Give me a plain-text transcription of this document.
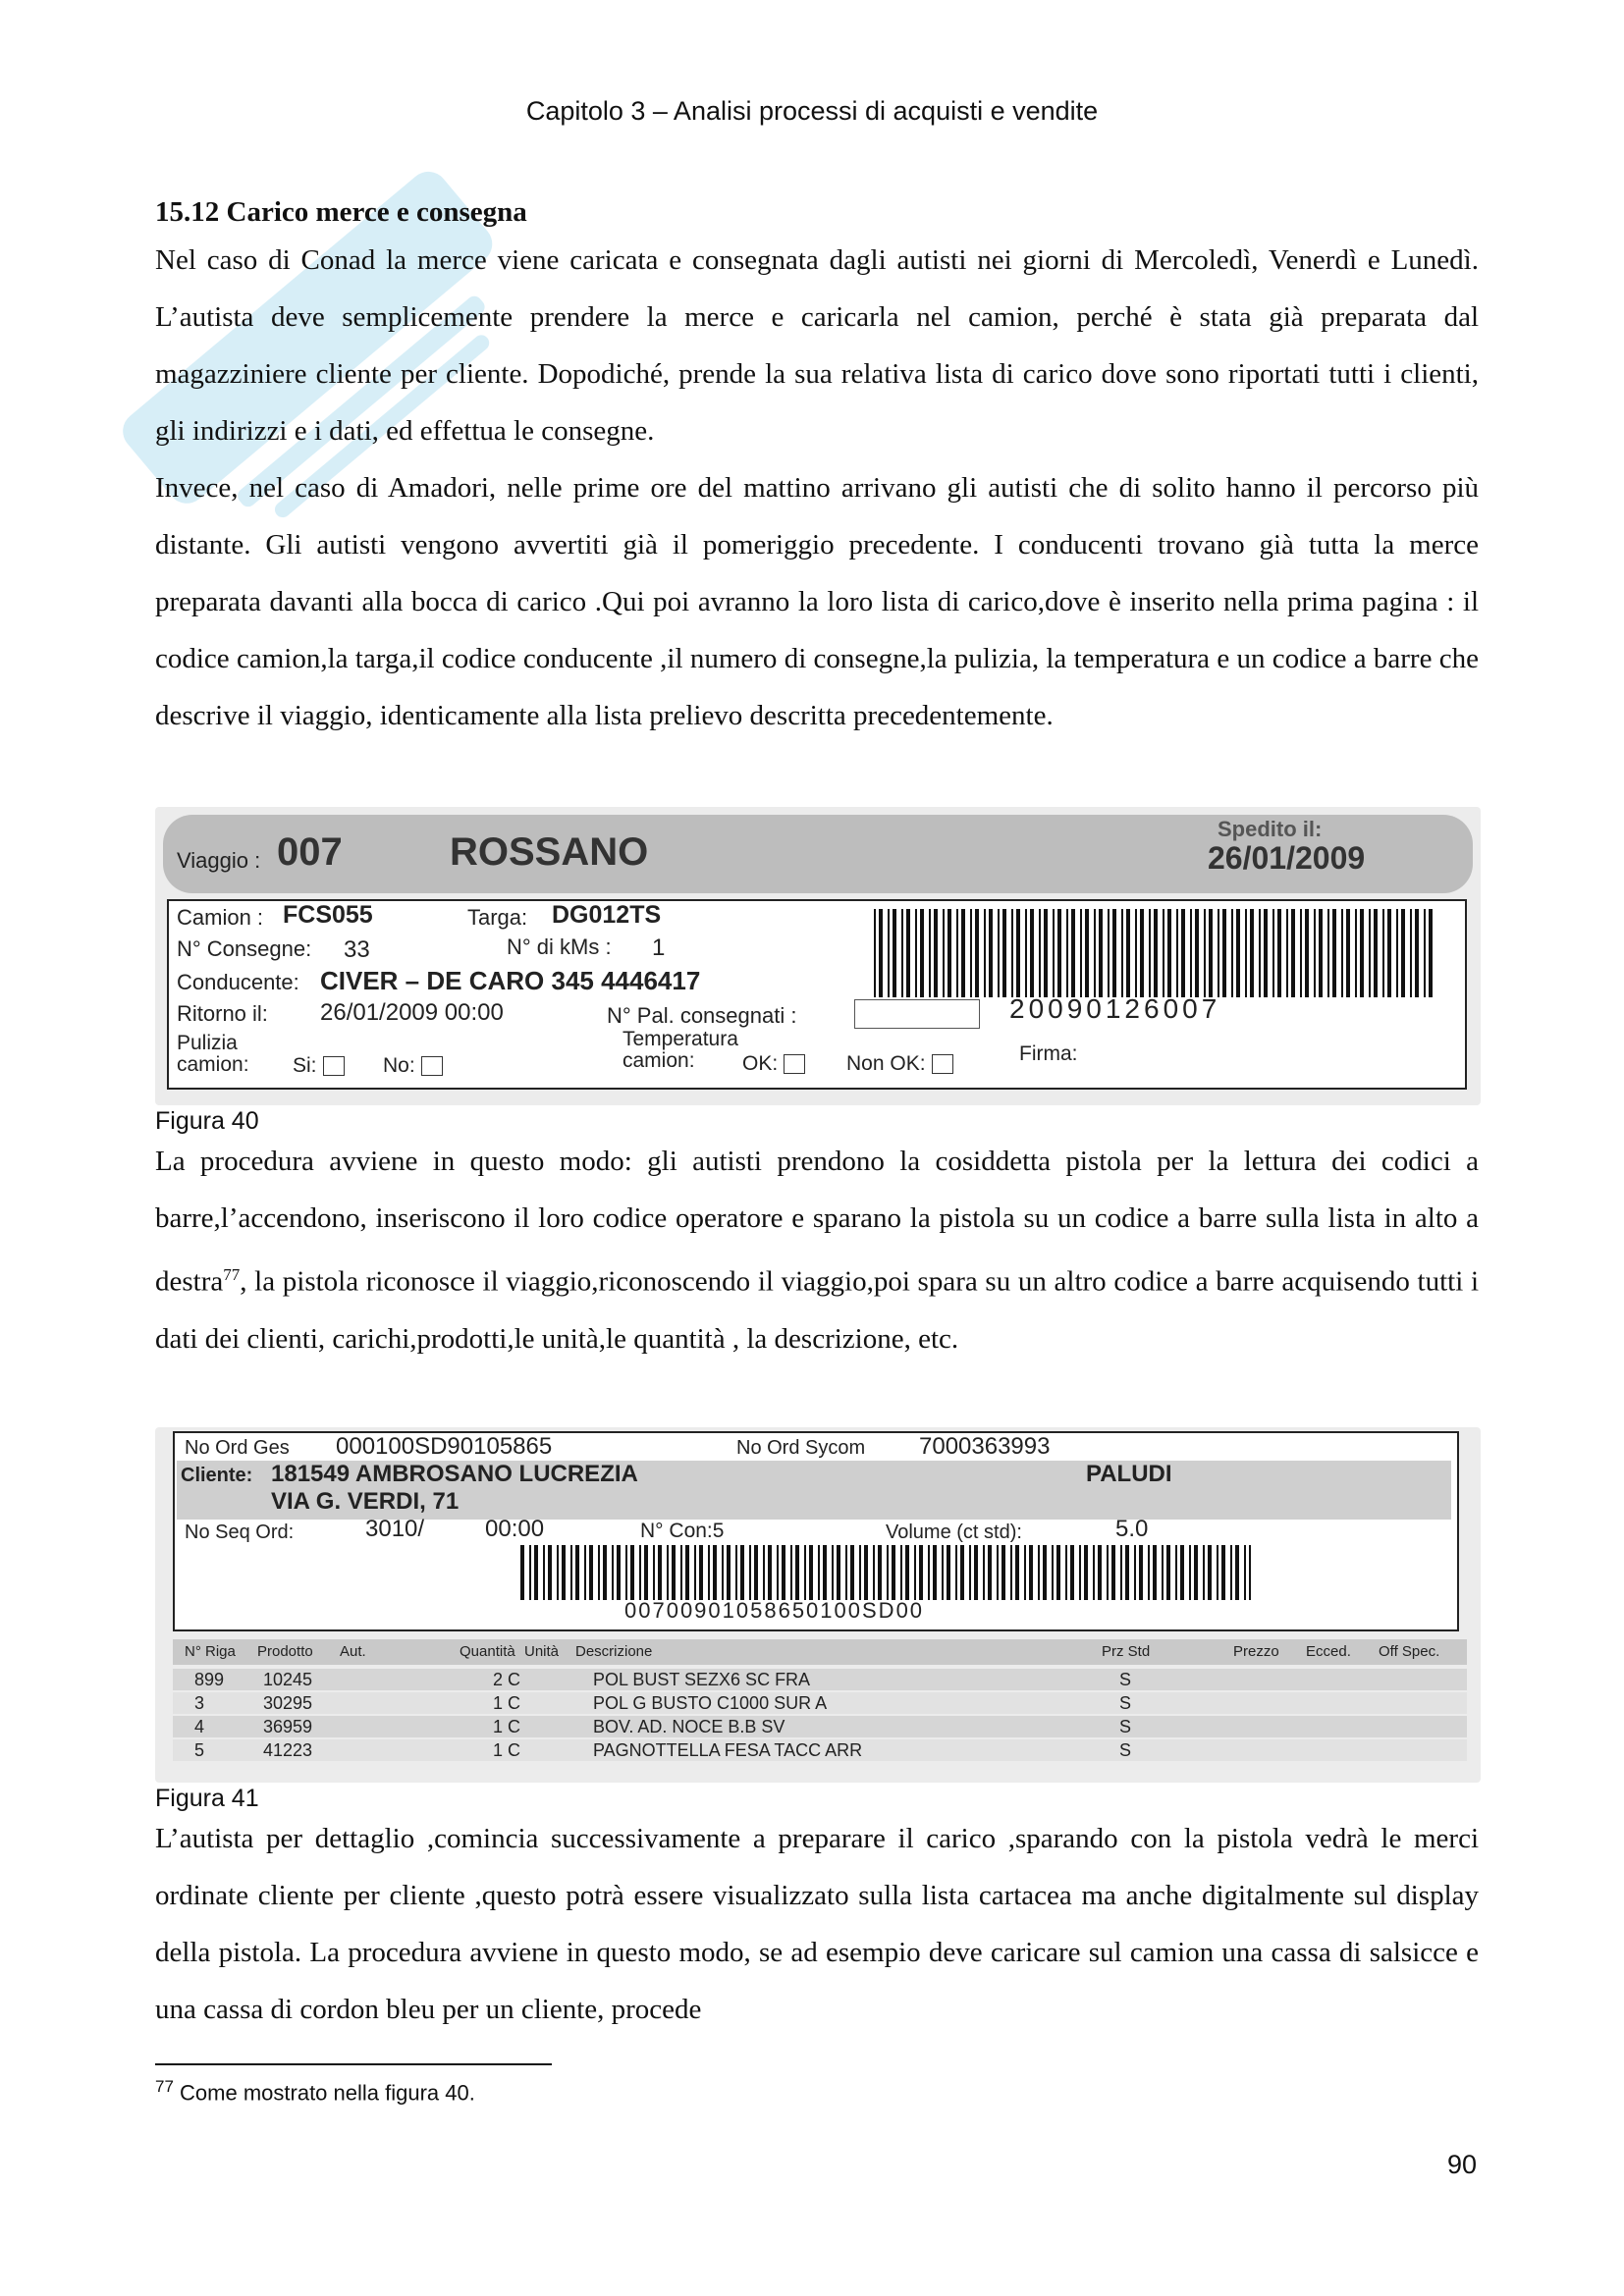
Capitolo 3 – Analisi processi di acquisti e vendite

15.12 Carico merce e consegna

Nel caso di Conad la merce viene caricata e consegnata dagli autisti nei giorni di Mercoledì, Venerdì e Lunedì. L’autista deve semplicemente prendere la merce e caricarla nel camion, perché è stata già preparata dal magazziniere cliente per cliente. Dopodiché, prende la sua relativa lista di carico dove sono riportati tutti i clienti, gli indirizzi e i dati, ed effettua le consegne.

Invece, nel caso di Amadori, nelle prime ore del mattino arrivano gli autisti che di solito hanno il percorso più distante. Gli autisti vengono avvertiti già il pomeriggio precedente. I conducenti trovano già tutta la merce preparata davanti alla bocca di carico .Qui poi avranno la loro lista di carico,dove è inserito nella prima pagina : il codice camion,la targa,il codice conducente ,il numero di consegne,la pulizia, la temperatura e un codice a barre che descrive il viaggio, identicamente alla lista prelievo descritta precedentemente.

Viaggio : 007	ROSSANO
Spedito il:
26/01/2009
Camion : FCS055	Targa: DG012TS
N° Consegne: 33	N° di kMs : 1
Conducente: CIVER – DE CARO 345 4446417
Ritorno il: 26/01/2009 00:00	N° Pal. consegnati :
Pulizia camion:	Si:	No:
Temperatura camion:	OK:	Non OK:
20090126007
Firma:
Figura 40

La procedura avviene in questo modo: gli autisti prendono la cosiddetta pistola per la lettura dei codici a barre,l’accendono, inseriscono il loro codice operatore e sparano la pistola su un codice a barre sulla lista in alto a destra$^{77}$, la pistola riconosce il viaggio,riconoscendo il viaggio,poi spara su un altro codice a barre acquisendo tutti i dati dei clienti, carichi,prodotti,le unità,le quantità , la descrizione, etc.

No Ord Ges 000100SD90105865	No Ord Sycom 7000363993
Cliente: 181549 AMBROSANO LUCREZIA	PALUDI
VIA G. VERDI, 71
No Seq Ord:	3010/	00:00	N° Con:5	Volume (ct std):	5.0
00700901058650100SD00
N° Riga Prodotto Aut.	Quantità Unità Descrizione	Prz Std	Prezzo Ecced. Off Spec.
899 10245	2 C	POL BUST SEZX6 SC FRA	S
3	30295	1 C	POL G BUSTO C1000 SUR A	S
4	36959	1 C	BOV. AD. NOCE B.B SV	S
5	41223	1 C	PAGNOTTELLA FESA TACC ARR	S
Figura 41

L’autista per dettaglio ,comincia successivamente a preparare il carico ,sparando con la pistola vedrà le merci ordinate cliente per cliente ,questo potrà essere visualizzato sulla lista cartacea ma anche digitalmente sul display della pistola. La procedura avviene in questo modo, se ad esempio deve caricare sul camion una cassa di salsicce e una cassa di cordon bleu per un cliente, procede

$^{77}$ Come mostrato nella figura 40.
90
